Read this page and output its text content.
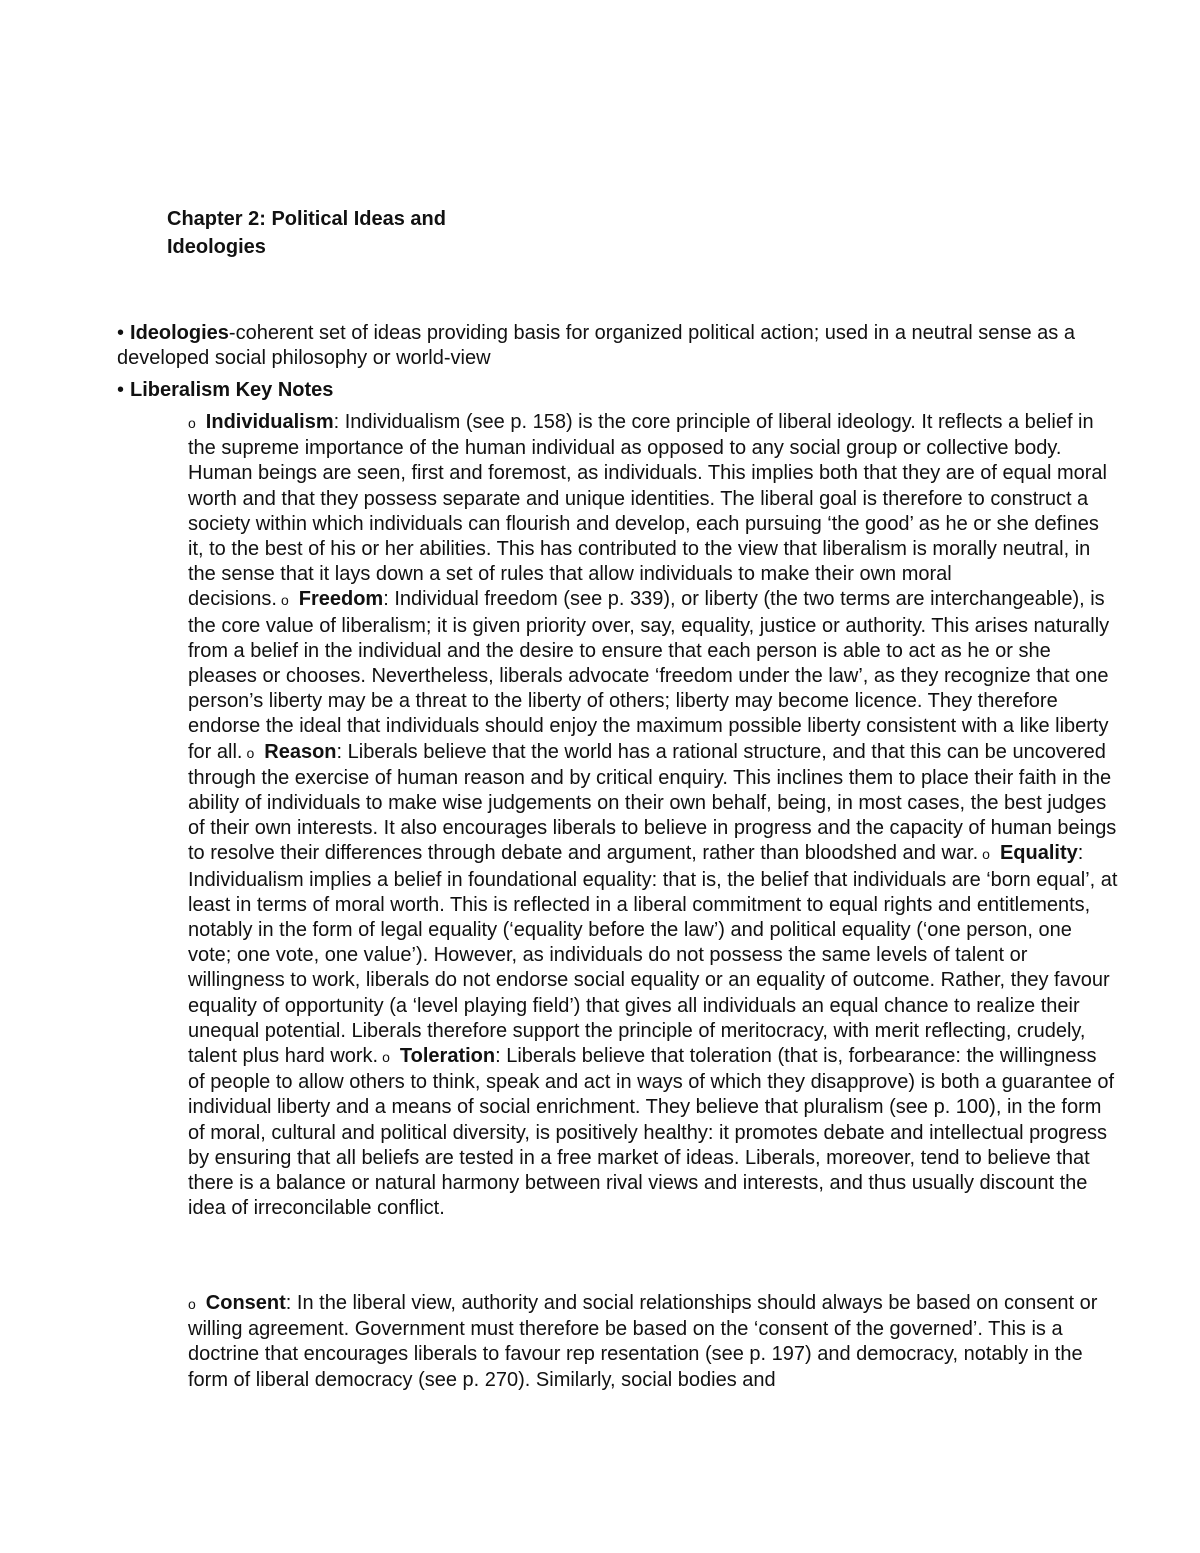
Chapter 2: Political Ideas and
Ideologies
• Ideologies-coherent set of ideas providing basis for organized political action; used in a neutral sense as a developed social philosophy or world-view
• Liberalism Key Notes

o Individualism: Individualism (see p. 158) is the core principle of liberal ideology. It reflects a belief in the supreme importance of the human individual as opposed to any social group or collective body. Human beings are seen, first and foremost, as individuals. This implies both that they are of equal moral worth and that they possess separate and unique identities. The liberal goal is therefore to construct a society within which individuals can flourish and develop, each pursuing ‘the good’ as he or she defines it, to the best of his or her abilities. This has contributed to the view that liberalism is morally neutral, in the sense that it lays down a set of rules that allow individuals to make their own moral decisions. o Freedom: Individual freedom (see p. 339), or liberty (the two terms are interchangeable), is the core value of liberalism; it is given priority over, say, equality, justice or authority. This arises naturally from a belief in the individual and the desire to ensure that each person is able to act as he or she pleases or chooses. Nevertheless, liberals advocate ‘freedom under the law’, as they recognize that one person’s liberty may be a threat to the liberty of others; liberty may become licence. They therefore endorse the ideal that individuals should enjoy the maximum possible liberty consistent with a like liberty for all. o Reason: Liberals believe that the world has a rational structure, and that this can be uncovered through the exercise of human reason and by critical enquiry. This inclines them to place their faith in the ability of individuals to make wise judgements on their own behalf, being, in most cases, the best judges of their own interests. It also encourages liberals to believe in progress and the capacity of human beings to resolve their differences through debate and argument, rather than bloodshed and war. o Equality: Individualism implies a belief in foundational equality: that is, the belief that individuals are ‘born equal’, at least in terms of moral worth. This is reflected in a liberal commitment to equal rights and entitlements, notably in the form of legal equality (‘equality before the law’) and political equality (‘one person, one vote; one vote, one value’). However, as individuals do not possess the same levels of talent or willingness to work, liberals do not endorse social equality or an equality of outcome. Rather, they favour equality of opportunity (a ‘level playing field’) that gives all individuals an equal chance to realize their unequal potential. Liberals therefore support the principle of meritocracy, with merit reflecting, crudely, talent plus hard work. o Toleration: Liberals believe that toleration (that is, forbearance: the willingness of people to allow others to think, speak and act in ways of which they disapprove) is both a guarantee of individual liberty and a means of social enrichment. They believe that pluralism (see p. 100), in the form of moral, cultural and political diversity, is positively healthy: it promotes debate and intellectual progress by ensuring that all beliefs are tested in a free market of ideas. Liberals, moreover, tend to believe that there is a balance or natural harmony between rival views and interests, and thus usually discount the idea of irreconcilable conflict.

o Consent: In the liberal view, authority and social relationships should always be based on consent or willing agreement. Government must therefore be based on the ‘consent of the governed’. This is a doctrine that encourages liberals to favour rep resentation (see p. 197) and democracy, notably in the form of liberal democracy (see p. 270). Similarly, social bodies and
